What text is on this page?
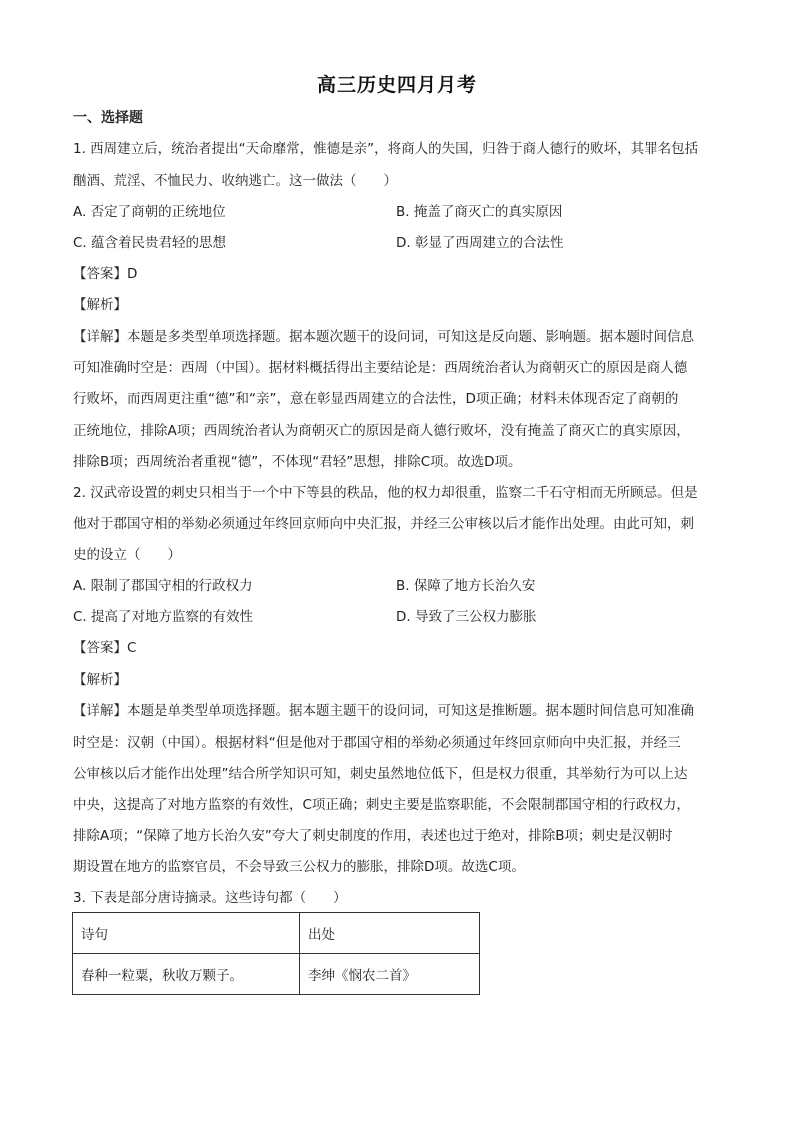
高三历史四月月考
一、选择题
1. 西周建立后，统治者提出“天命靡常，惟德是亲”，将商人的失国，归咎于商人德行的败坏，其罪名包括
酗酒、荒淫、不恤民力、收纳逃亡。这一做法（　　）
A. 否定了商朝的正统地位	B. 掩盖了商灭亡的真实原因
C. 蕴含着民贵君轻的思想	D. 彰显了西周建立的合法性
【答案】D
【解析】
【详解】本题是多类型单项选择题。据本题次题干的设问词，可知这是反向题、影响题。据本题时间信息
可知准确时空是：西周（中国）。据材料概括得出主要结论是：西周统治者认为商朝灭亡的原因是商人德
行败坏，而西周更注重“德”和“亲”，意在彰显西周建立的合法性，D项正确；材料未体现否定了商朝的
正统地位，排除A项；西周统治者认为商朝灭亡的原因是商人德行败坏，没有掩盖了商灭亡的真实原因，
排除B项；西周统治者重视“德”，不体现“君轻”思想，排除C项。故选D项。
2. 汉武帝设置的刺史只相当于一个中下等县的秩品，他的权力却很重，监察二千石守相而无所顾忌。但是
他对于郡国守相的举劾必须通过年终回京师向中央汇报，并经三公审核以后才能作出处理。由此可知，刺
史的设立（　　）
A. 限制了郡国守相的行政权力	B. 保障了地方长治久安
C. 提高了对地方监察的有效性	D. 导致了三公权力膨胀
【答案】C
【解析】
【详解】本题是单类型单项选择题。据本题主题干的设问词，可知这是推断题。据本题时间信息可知准确
时空是：汉朝（中国）。根据材料“但是他对于郡国守相的举劾必须通过年终回京师向中央汇报，并经三
公审核以后才能作出处理”结合所学知识可知，刺史虽然地位低下，但是权力很重，其举劾行为可以上达
中央，这提高了对地方监察的有效性，C项正确；刺史主要是监察职能，不会限制郡国守相的行政权力，
排除A项；“保障了地方长治久安”夸大了刺史制度的作用，表述也过于绝对，排除B项；刺史是汉朝时
期设置在地方的监察官员，不会导致三公权力的膨胀，排除D项。故选C项。
3. 下表是部分唐诗摘录。这些诗句都（　　）
诗句	出处
春种一粒粟，秋收万颗子。	李绅《悯农二首》
